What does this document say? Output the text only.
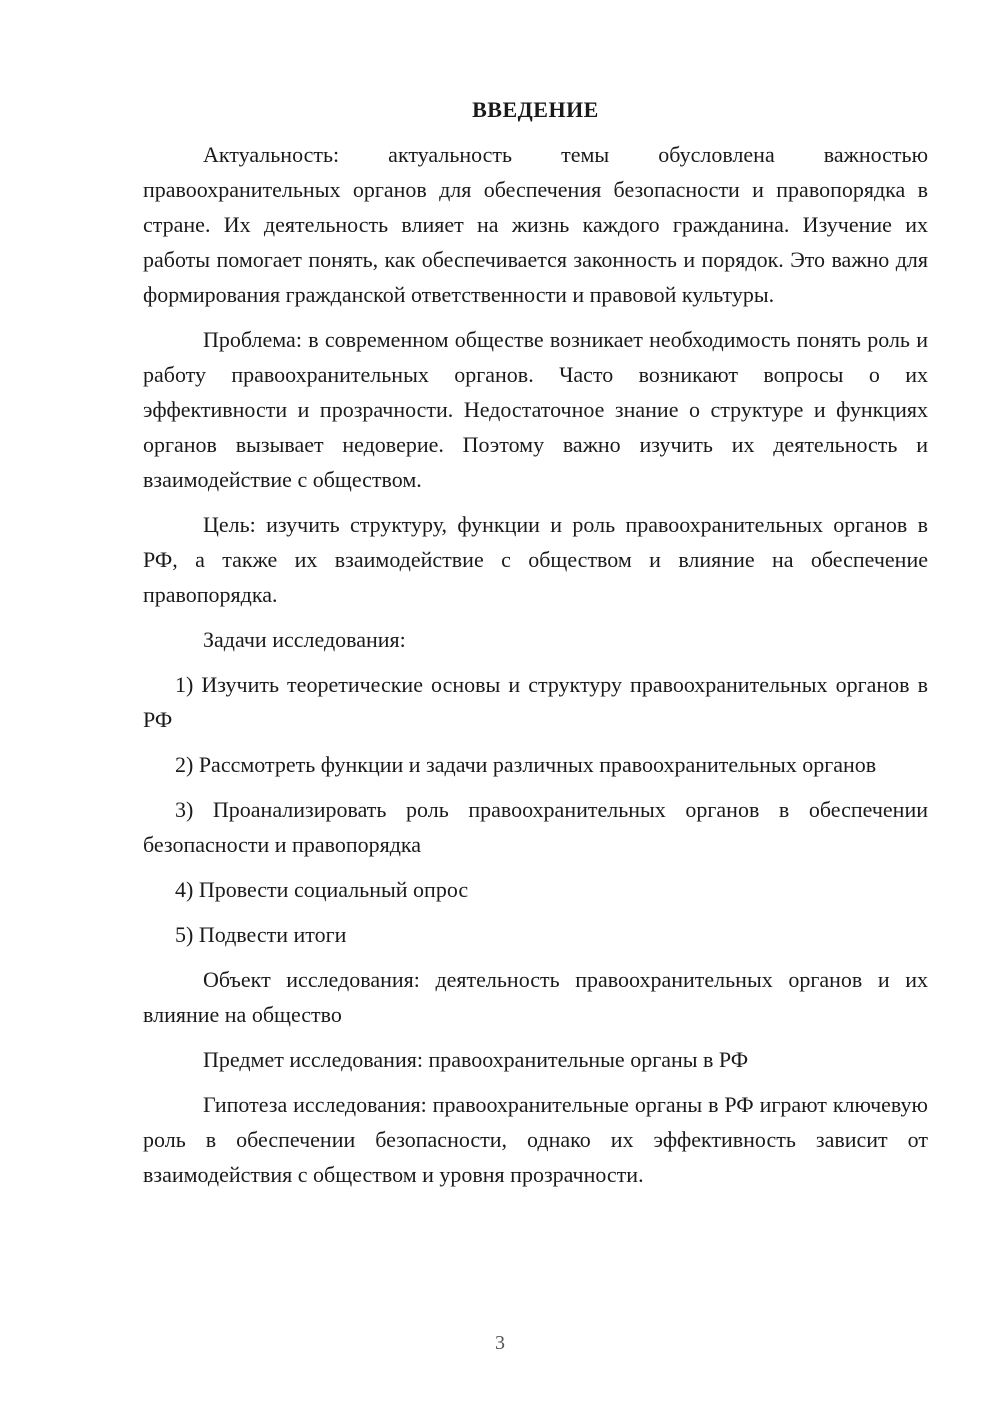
ВВЕДЕНИЕ

Актуальность: актуальность темы обусловлена важностью правоохранительных органов для обеспечения безопасности и правопорядка в стране. Их деятельность влияет на жизнь каждого гражданина. Изучение их работы помогает понять, как обеспечивается законность и порядок. Это важно для формирования гражданской ответственности и правовой культуры.

Проблема: в современном обществе возникает необходимость понять роль и работу правоохранительных органов. Часто возникают вопросы о их эффективности и прозрачности. Недостаточное знание о структуре и функциях органов вызывает недоверие. Поэтому важно изучить их деятельность и взаимодействие с обществом.

Цель: изучить структуру, функции и роль правоохранительных органов в РФ, а также их взаимодействие с обществом и влияние на обеспечение правопорядка.

Задачи исследования:

1) Изучить теоретические основы и структуру правоохранительных органов в РФ

2) Рассмотреть функции и задачи различных правоохранительных органов

3) Проанализировать роль правоохранительных органов в обеспечении безопасности и правопорядка

4) Провести социальный опрос

5) Подвести итоги

Объект исследования: деятельность правоохранительных органов и их влияние на общество

Предмет исследования: правоохранительные органы в РФ

Гипотеза исследования: правоохранительные органы в РФ играют ключевую роль в обеспечении безопасности, однако их эффективность зависит от взаимодействия с обществом и уровня прозрачности.

3
